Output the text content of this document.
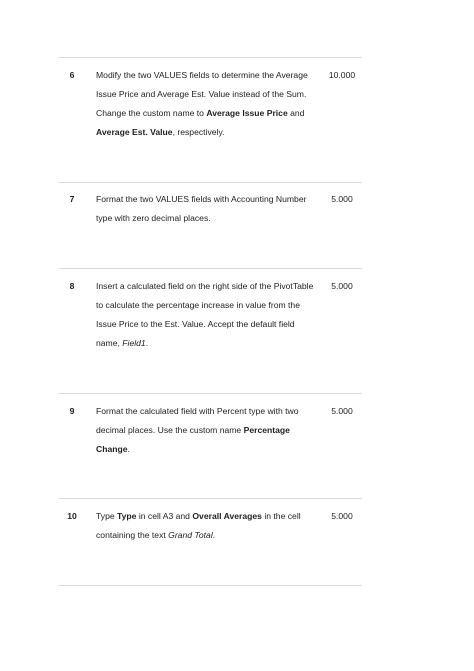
6	Modify the two VALUES fields to determine the Average Issue Price and Average Est. Value instead of the Sum. Change the custom name to Average Issue Price and Average Est. Value, respectively.
10.000
7	Format the two VALUES fields with Accounting Number type with zero decimal places.
5.000
8	Insert a calculated field on the right side of the PivotTable to calculate the percentage increase in value from the Issue Price to the Est. Value. Accept the default field name, Field1.
5.000
9	Format the calculated field with Percent type with two decimal places. Use the custom name Percentage Change.
5.000
10	Type Type in cell A3 and Overall Averages in the cell containing the text Grand Total.
5.000
